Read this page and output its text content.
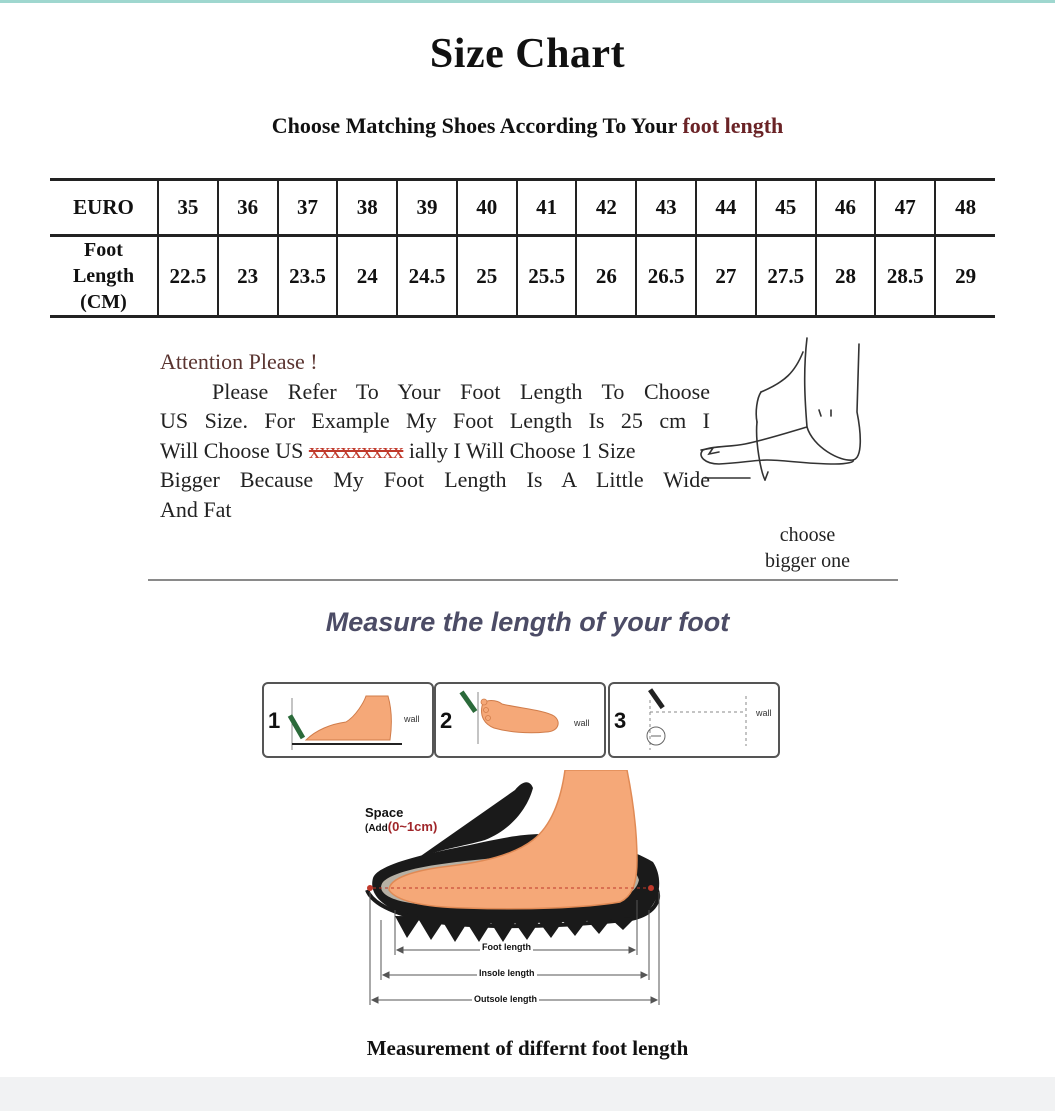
Size Chart
Choose Matching Shoes According To Your foot length
EURO	35	36	37	38	39	40	41	42	43	44	45	46	47	48

Foot
Length
(CM)	22.5	23	23.5	24	24.5	25	25.5	26	26.5	27	27.5	28	28.5	29
Attention Please !
Please Refer To Your Foot Length To Choose
US Size. For Example My Foot Length Is 25 cm I
Will Choose US xxxxxxxxx ially I Will Choose 1 Size
Bigger Because My Foot Length Is A Little Wide
And Fat
choose
bigger one
Measure the length of your foot
1	wall 2	wall 3	wall
Space
(Add(0~1cm)
Foot length
Insole length
Outsole length
Measurement of differnt foot length
